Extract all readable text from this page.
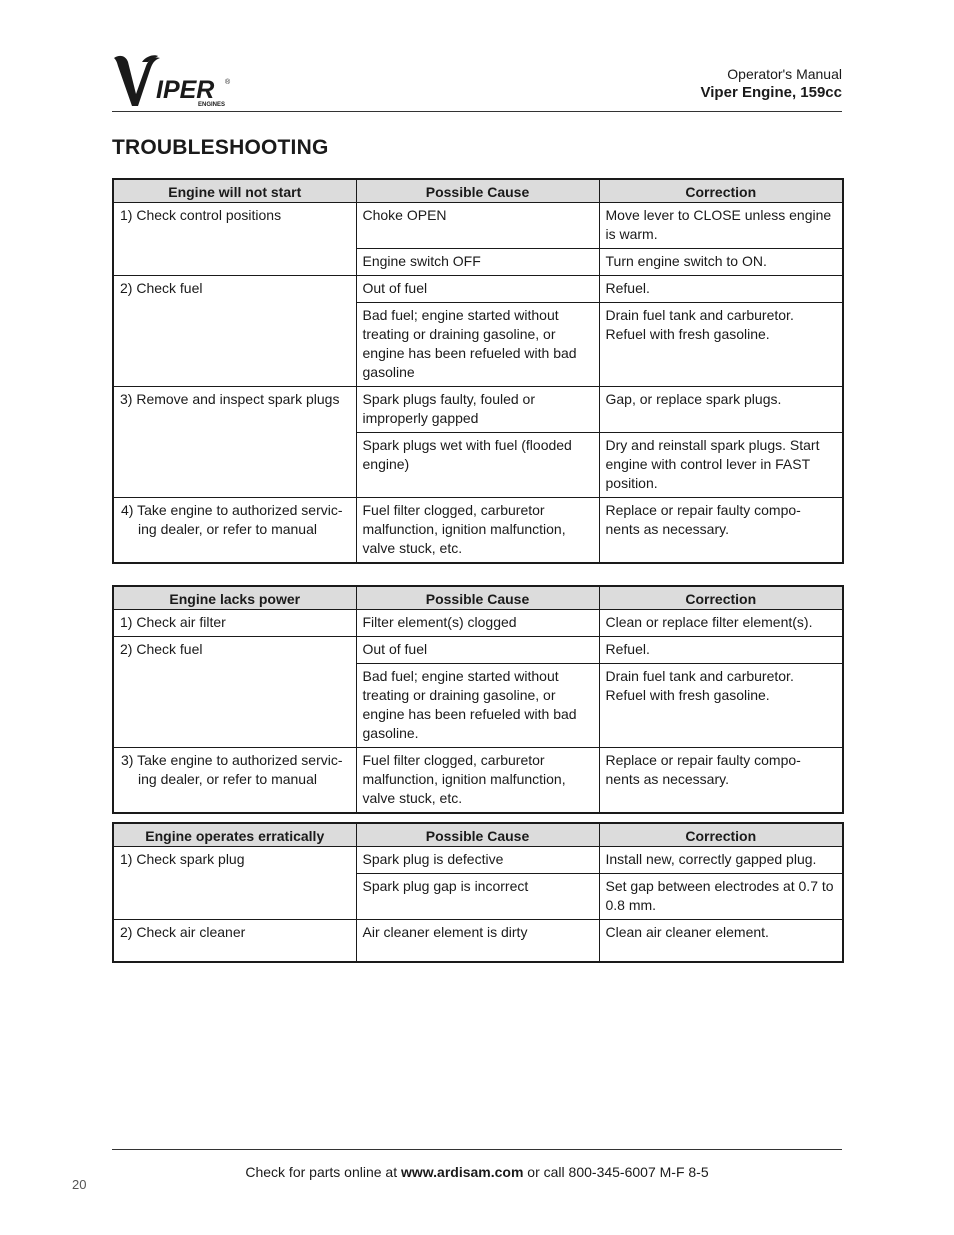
IPER ®
ENGINES
Operator's Manual
Viper Engine, 159cc
TROUBLESHOOTING
Engine will not start	Possible Cause	Correction
1) Check control positions	Choke OPEN	Move lever to CLOSE unless engine is warm.
	Engine switch OFF	Turn engine switch to ON.
2) Check fuel	Out of fuel	Refuel.
	Bad fuel; engine started without treating or draining gasoline, or engine has been refueled with bad gasoline	Drain fuel tank and carburetor. Refuel with fresh gasoline.
3) Remove and inspect spark plugs	Spark plugs faulty, fouled or improperly gapped	Gap, or replace spark plugs.
	Spark plugs wet with fuel (flooded engine)	Dry and reinstall spark plugs. Start engine with control lever in FAST position.
4) Take engine to authorized servic- ing dealer, or refer to manual	Fuel filter clogged, carburetor malfunction, ignition malfunction, valve stuck, etc.	Replace or repair faulty compo- nents as necessary.
Engine lacks power	Possible Cause	Correction
1) Check air filter	Filter element(s) clogged	Clean or replace filter element(s).
2) Check fuel	Out of fuel	Refuel.
	Bad fuel; engine started without treating or draining gasoline, or engine has been refueled with bad gasoline.	Drain fuel tank and carburetor. Refuel with fresh gasoline.
3) Take engine to authorized servic- ing dealer, or refer to manual	Fuel filter clogged, carburetor malfunction, ignition malfunction, valve stuck, etc.	Replace or repair faulty compo- nents as necessary.
Engine operates erratically	Possible Cause	Correction
1) Check spark plug	Spark plug is defective	Install new, correctly gapped plug.
	Spark plug gap is incorrect	Set gap between electrodes at 0.7 to 0.8 mm.
2) Check air cleaner	Air cleaner element is dirty	Clean air cleaner element.
Check for parts online at www.ardisam.com or call 800-345-6007 M-F 8-5
20
